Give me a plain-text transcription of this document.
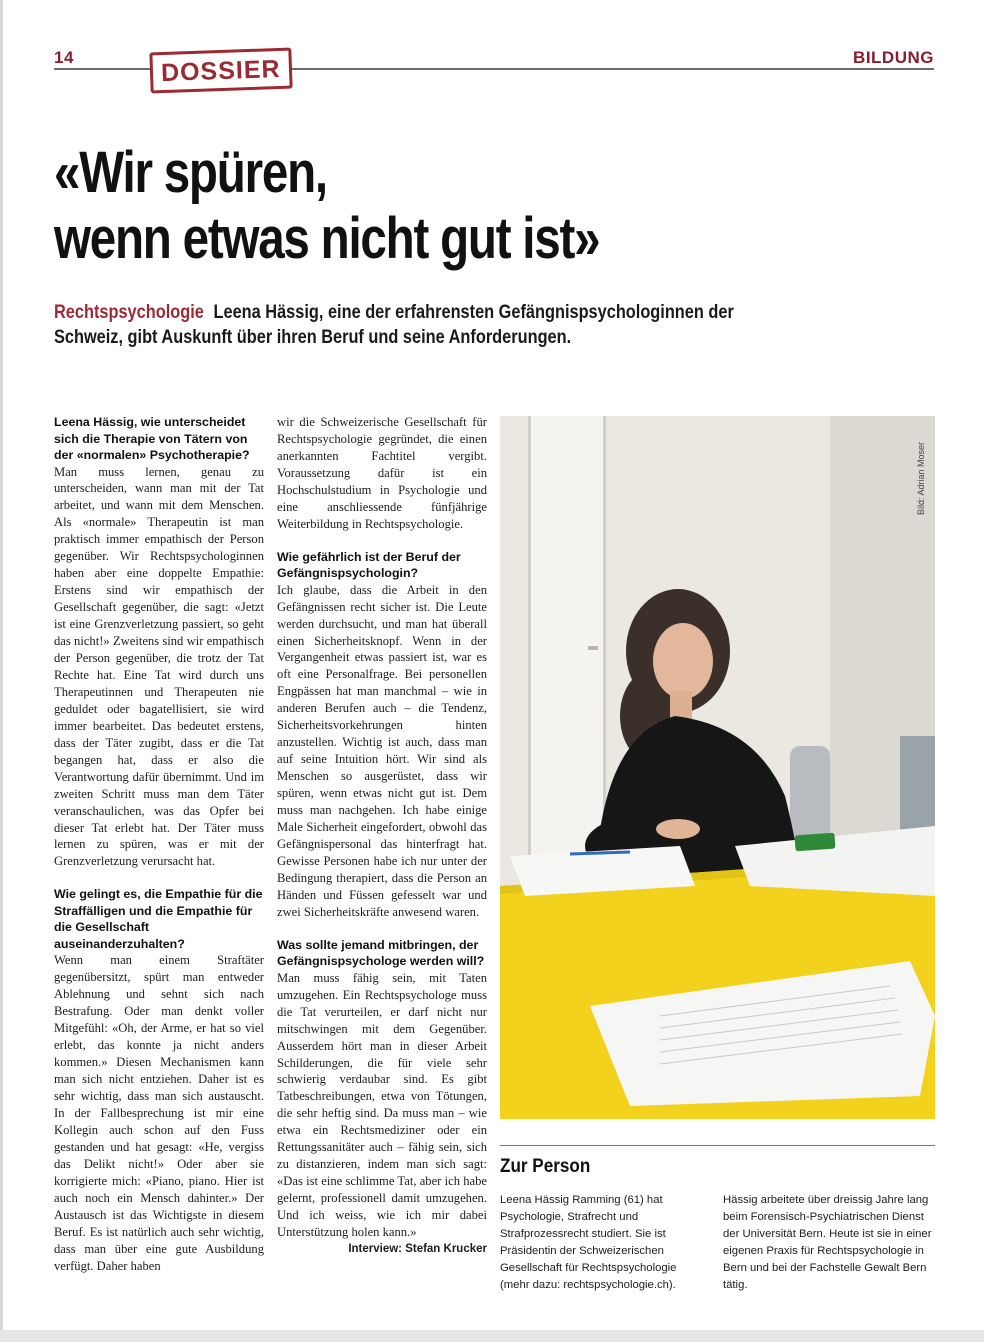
14	DOSSIER	BILDUNG
«Wir spüren,
wenn etwas nicht gut ist»

Rechtspsychologie Leena Hässig, eine der erfahrensten Gefängnispsychologinnen der Schweiz, gibt Auskunft über ihren Beruf und seine Anforderungen.

Leena Hässig, wie unterscheidet sich die Therapie von Tätern von der «normalen» Psychotherapie?

Man muss lernen, genau zu unterscheiden, wann man mit der Tat arbeitet, und wann mit dem Menschen. Als «normale» Therapeutin ist man praktisch immer empathisch der Person gegenüber. Wir Rechtspsychologinnen haben aber eine doppelte Empathie: Erstens sind wir empathisch der Gesellschaft gegenüber, die sagt: «Jetzt ist eine Grenzverletzung passiert, so geht das nicht!» Zweitens sind wir empathisch der Person gegenüber, die trotz der Tat Rechte hat. Eine Tat wird durch uns Therapeutinnen und Therapeuten nie geduldet oder bagatellisiert, sie wird immer bearbeitet. Das bedeutet erstens, dass der Täter zugibt, dass er die Tat begangen hat, dass er also die Verantwortung dafür übernimmt. Und im zweiten Schritt muss man dem Täter veranschaulichen, was das Opfer bei dieser Tat erlebt hat. Der Täter muss lernen zu spüren, was er mit der Grenzverletzung verursacht hat.

Wie gelingt es, die Empathie für die Straffälligen und die Empathie für die Gesellschaft auseinanderzuhalten?

Wenn man einem Straftäter gegenübersitzt, spürt man entweder Ablehnung und sehnt sich nach Bestrafung. Oder man denkt voller Mitgefühl: «Oh, der Arme, er hat so viel erlebt, das konnte ja nicht anders kommen.» Diesen Mechanismen kann man sich nicht entziehen. Daher ist es sehr wichtig, dass man sich austauscht. In der Fallbesprechung ist mir eine Kollegin auch schon auf den Fuss gestanden und hat gesagt: «He, vergiss das Delikt nicht!» Oder aber sie korrigierte mich: «Piano, piano. Hier ist auch noch ein Mensch dahinter.» Der Austausch ist das Wichtigste in diesem Beruf. Es ist natürlich auch sehr wichtig, dass man über eine gute Ausbildung verfügt. Daher haben

wir die Schweizerische Gesellschaft für Rechtspsychologie gegründet, die einen anerkannten Fachtitel vergibt. Voraussetzung dafür ist ein Hochschulstudium in Psychologie und eine anschliessende fünfjährige Weiterbildung in Rechtspsychologie.

Wie gefährlich ist der Beruf der Gefängnispsychologin?

Ich glaube, dass die Arbeit in den Gefängnissen recht sicher ist. Die Leute werden durchsucht, und man hat überall einen Sicherheitsknopf. Wenn in der Vergangenheit etwas passiert ist, war es oft eine Personalfrage. Bei personellen Engpässen hat man manchmal – wie in anderen Berufen auch – die Tendenz, Sicherheitsvorkehrungen hinten anzustellen. Wichtig ist auch, dass man auf seine Intuition hört. Wir sind als Menschen so ausgerüstet, dass wir spüren, wenn etwas nicht gut ist. Dem muss man nachgehen. Ich habe einige Male Sicherheit eingefordert, obwohl das Gefängnispersonal das hinterfragt hat. Gewisse Personen habe ich nur unter der Bedingung therapiert, dass die Person an Händen und Füssen gefesselt war und zwei Sicherheitskräfte anwesend waren.

Was sollte jemand mitbringen, der Gefängnispsychologe werden will?

Man muss fähig sein, mit Taten umzugehen. Ein Rechtspsychologe muss die Tat verurteilen, er darf nicht nur mitschwingen mit dem Gegenüber. Ausserdem hört man in dieser Arbeit Schilderungen, die für viele sehr schwierig verdaubar sind. Es gibt Tatbeschreibungen, etwa von Tötungen, die sehr heftig sind. Da muss man – wie etwa ein Rechtsmediziner oder ein Rettungssanitäter auch – fähig sein, sich zu distanzieren, indem man sich sagt: «Das ist eine schlimme Tat, aber ich habe gelernt, professionell damit umzugehen. Und ich weiss, wie ich mir dabei Unterstützung holen kann.»
Interview: Stefan Krucker

Bild: Adrian Moser
Zur Person

Leena Hässig Ramming (61) hat Psychologie, Strafrecht und Strafprozessrecht studiert. Sie ist Präsidentin der Schweizerischen Gesellschaft für Rechtspsychologie (mehr dazu: rechtspsychologie.ch).

Hässig arbeitete über dreissig Jahre lang beim Forensisch-Psychiatrischen Dienst der Universität Bern. Heute ist sie in einer eigenen Praxis für Rechtspsychologie in Bern und bei der Fachstelle Gewalt Bern tätig.
